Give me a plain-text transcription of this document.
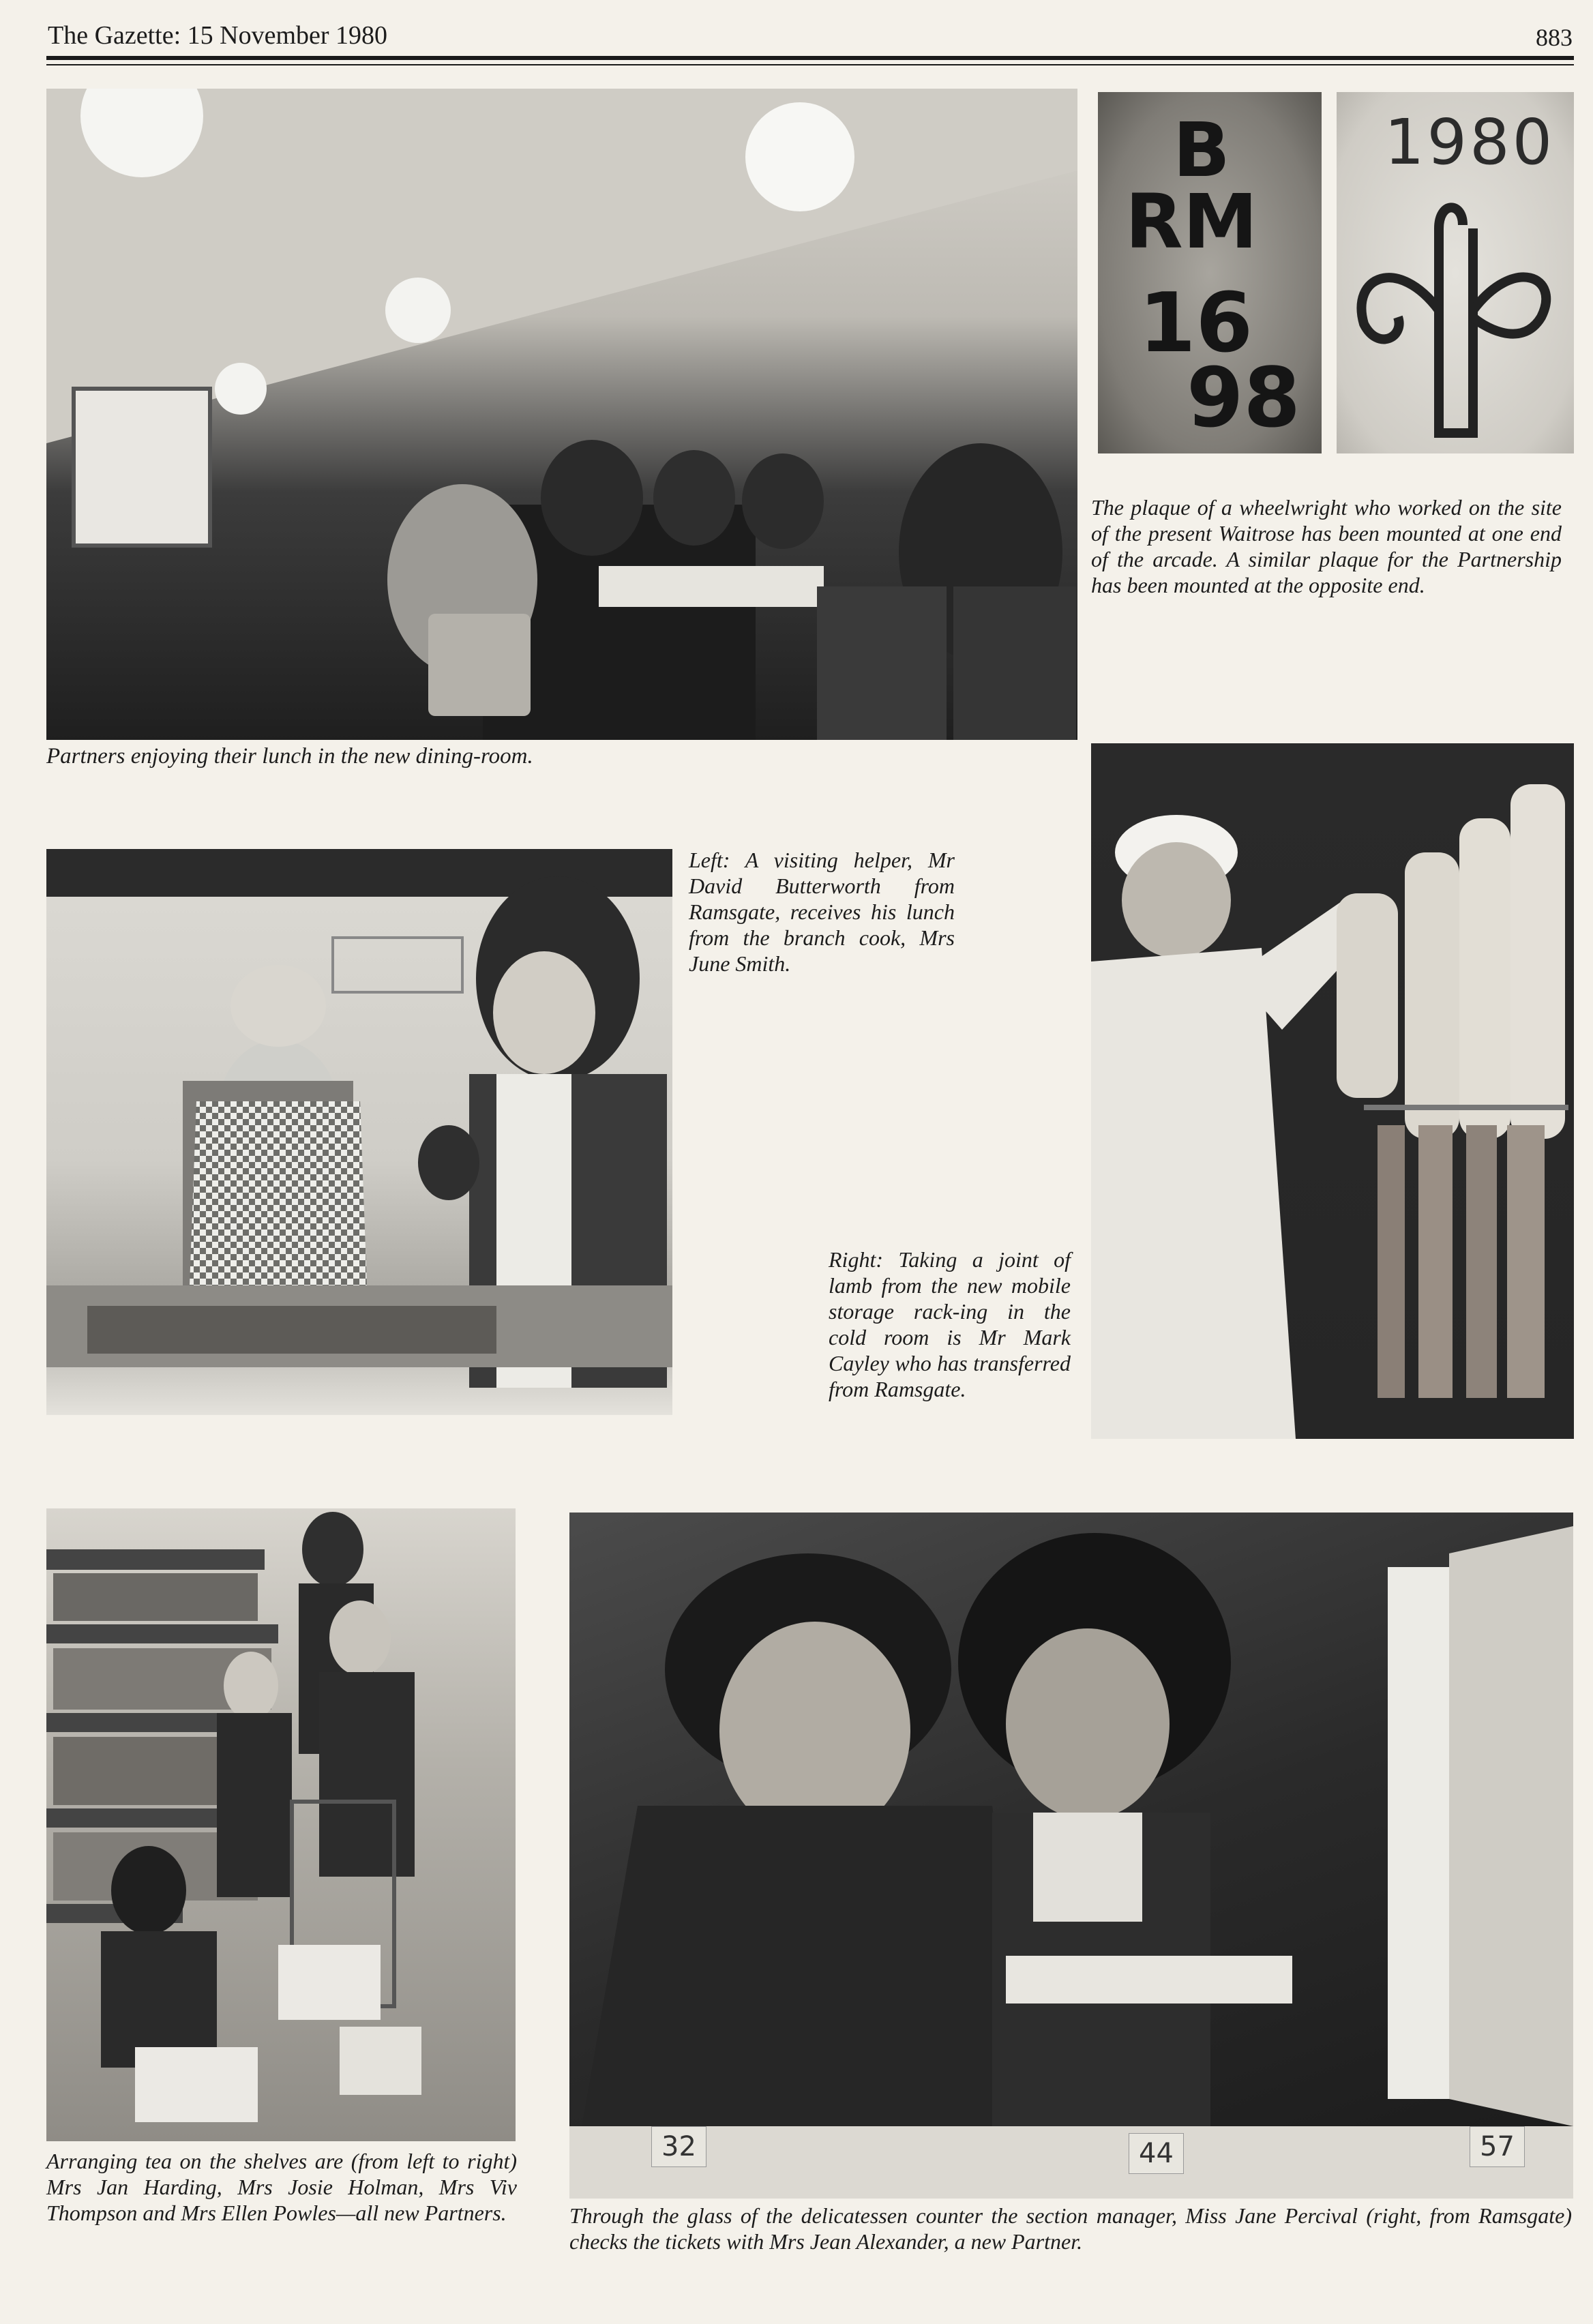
The Gazette: 15 November 1980	883
Partners enjoying their lunch in the new dining-room.
B
RM
16
98
1980
The plaque of a wheelwright who worked on the site of the present Waitrose has been mounted at one end of the arcade. A similar plaque for the Partnership has been mounted at the opposite end.
Left: A visiting helper, Mr David Butterworth from Ramsgate, receives his lunch from the branch cook, Mrs June Smith.
Right: Taking a joint of lamb from the new mobile storage rack-ing in the cold room is Mr Mark Cayley who has transferred from Ramsgate.
Arranging tea on the shelves are (from left to right) Mrs Jan Harding, Mrs Josie Holman, Mrs Viv Thompson and Mrs Ellen Powles—all new Partners.
32	44	57
Through the glass of the delicatessen counter the section manager, Miss Jane Percival (right, from Ramsgate) checks the tickets with Mrs Jean Alexander, a new Partner.
